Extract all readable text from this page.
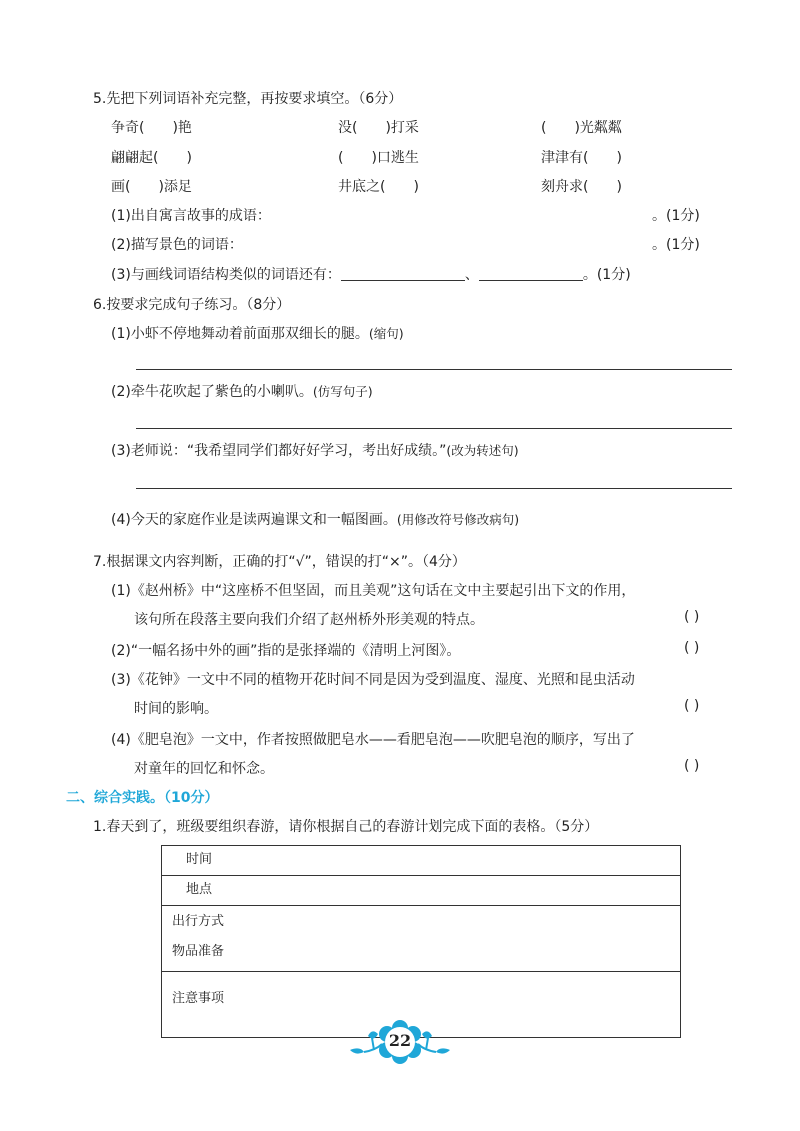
5.先把下列词语补充完整，再按要求填空。（6分）
争奇( )艳	没( )打采	( )光粼粼
翩翩起( )	( )口逃生	津津有( )
画( )添足	井底之( )	刻舟求( )
(1)出自寓言故事的成语：	。(1分)
(2)描写景色的词语：	。(1分)
(3)与画线词语结构类似的词语还有：	、	。(1分)
6.按要求完成句子练习。（8分）
(1)小虾不停地舞动着前面那双细长的腿。(缩句)
(2)牵牛花吹起了紫色的小喇叭。(仿写句子)
(3)老师说：“我希望同学们都好好学习，考出好成绩。”(改为转述句)
(4)今天的家庭作业是读两遍课文和一幅图画。(用修改符号修改病句)
7.根据课文内容判断，正确的打“√”，错误的打“×”。（4分）
(1)《赵州桥》中“这座桥不但坚固，而且美观”这句话在文中主要起引出下文的作用，
该句所在段落主要向我们介绍了赵州桥外形美观的特点。	( )
(2)“一幅名扬中外的画”指的是张择端的《清明上河图》。	( )
(3)《花钟》一文中不同的植物开花时间不同是因为受到温度、湿度、光照和昆虫活动
时间的影响。	( )
(4)《肥皂泡》一文中，作者按照做肥皂水——看肥皂泡——吹肥皂泡的顺序，写出了
对童年的回忆和怀念。	( )
二、综合实践。（10分）
1.春天到了，班级要组织春游，请你根据自己的春游计划完成下面的表格。（5分）
时间
地点

出行方式
物品准备

注意事项
22
